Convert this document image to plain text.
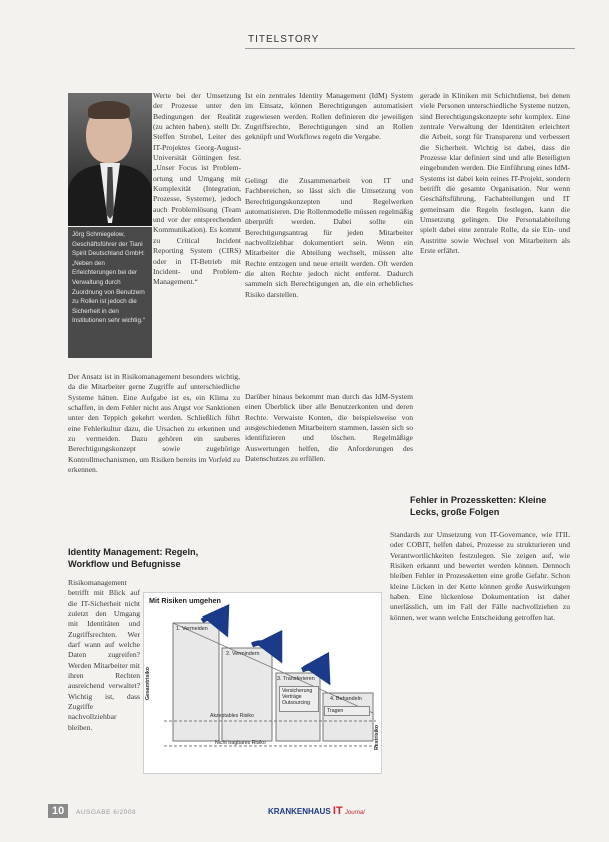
TITELSTORY
Jörg Schmiegelow, Geschäftsführer der Tiani Spirit Deutschland GmbH: „Neben den Erleichterungen bei der Verwaltung durch Zuordnung von Benutzern zu Rollen ist jedoch die Sicherheit in den Institutionen sehr wichtig.“
Werte bei der Umsetzung der Prozesse unter den Bedingungen der Realität (zu achten haben). stellt Dr. Steffen Strobel, Leiter des IT-Projektes Georg-August-Universität Göttingen fest. „Unser Focus ist Problem-ortung und Umgang mit Komplexität (Integration, Prozesse, Systeme), jedoch auch Problemlösung (Team und vor der entsprechenden Kommunikation). Es kommt zu Critical Incident Reporting System (CIRS) oder in IT-Betrieb mit Incident- und Problem-Management.“
Der Ansatz ist in Risikomanagement besonders wichtig, da die Mitarbeiter gerne Zugriffe auf unterschiedliche Systeme hätten. Eine Aufgabe ist es, ein Klima zu schaffen, in dem Fehler nicht aus Angst vor Sanktionen unter den Teppich gekehrt werden. Schließlich führt eine Fehlerkultur dazu, die Ursachen zu erkennen und zu vermeiden. Dazu gehören ein sauberes Berechtigungskonzept sowie zugehörige Kontrollmechanismen, um Risiken bereits im Vorfeld zu erkennen.
Identity Management: Regeln, Workflow und Befugnisse
Risikomanagement betrifft mit Blick auf die IT-Sicherheit nicht zuletzt den Umgang mit Identitäten und Zugriffsrechten. Wer darf wann auf welche Daten zugreifen? Werden Mitarbeiter mit ihren Rechten ausreichend verwaltet? Wichtig ist, dass Zugriffe nachvollziehbar bleiben.
Ist ein zentrales Identity Management (IdM) System im Einsatz, können Berechtigungen automatisiert zugewiesen werden. Rollen definieren die jeweiligen Zugriffsrechte, Berechtigungen sind an Rollen geknüpft und Workflows regeln die Vergabe.
Gelingt die Zusammenarbeit von IT und Fachbereichen, so lässt sich die Umsetzung von Berechtigungskonzepten und Regelwerken automatisieren. Die Rollenmodelle müssen regelmäßig überprüft werden. Dabei sollte ein Berechtigungsantrag für jeden Mitarbeiter nachvollziehbar dokumentiert sein. Wenn ein Mitarbeiter die Abteilung wechselt, müssen alte Rechte entzogen und neue erteilt werden. Oft werden die alten Rechte jedoch nicht entfernt. Dadurch sammeln sich Berechtigungen an, die ein erhebliches Risiko darstellen.
Darüber hinaus bekommt man durch das IdM-System einen Überblick über alle Benutzerkonten und deren Rechte. Verwaiste Konten, die beispielsweise von ausgeschiedenen Mitarbeitern stammen, lassen sich so identifizieren und löschen. Regelmäßige Auswertungen helfen, die Anforderungen des Datenschutzes zu erfüllen.
gerade in Kliniken mit Schichtdienst, bei denen viele Personen unterschiedliche Systeme nutzen, sind Berechtigungskonzepte sehr komplex. Eine zentrale Verwaltung der Identitäten erleichtert die Arbeit, sorgt für Transparenz und verbessert die Sicherheit. Wichtig ist dabei, dass die Prozesse klar definiert sind und alle Beteiligten eingebunden werden. Die Einführung eines IdM-Systems ist dabei kein reines IT-Projekt, sondern betrifft die gesamte Organisation. Nur wenn Geschäftsführung, Fachabteilungen und IT gemeinsam die Regeln festlegen, kann die Umsetzung gelingen. Die Personalabteilung spielt dabei eine zentrale Rolle, da sie Ein- und Austritte sowie Wechsel von Mitarbeitern als Erste erfährt.
Fehler in Prozessketten: Kleine Lecks, große Folgen
Standards zur Umsetzung von IT-Governance, wie ITIL oder COBIT, helfen dabei, Prozesse zu strukturieren und Verantwortlichkeiten festzulegen. Sie zeigen auf, wie Risiken erkannt und bewertet werden können. Dennoch bleiben Fehler in Prozessketten eine große Gefahr. Schon kleine Lücken in der Kette können große Auswirkungen haben. Eine lückenlose Dokumentation ist daher unerlässlich, um im Fall der Fälle nachvollziehen zu können, wer wann welche Entscheidung getroffen hat.
Mit Risiken umgehen
1. Vermeiden
2. Vermindern
3. Transferieren
4. Behandeln
Versicherung
Verträge
Outsourcing
Tragen
Gesamtrisiko
Restrisiko
Akzeptables Risiko
Nicht tragbares Risiko
10	AUSGABE 6/2008	KRANKENHAUS IT Journal
